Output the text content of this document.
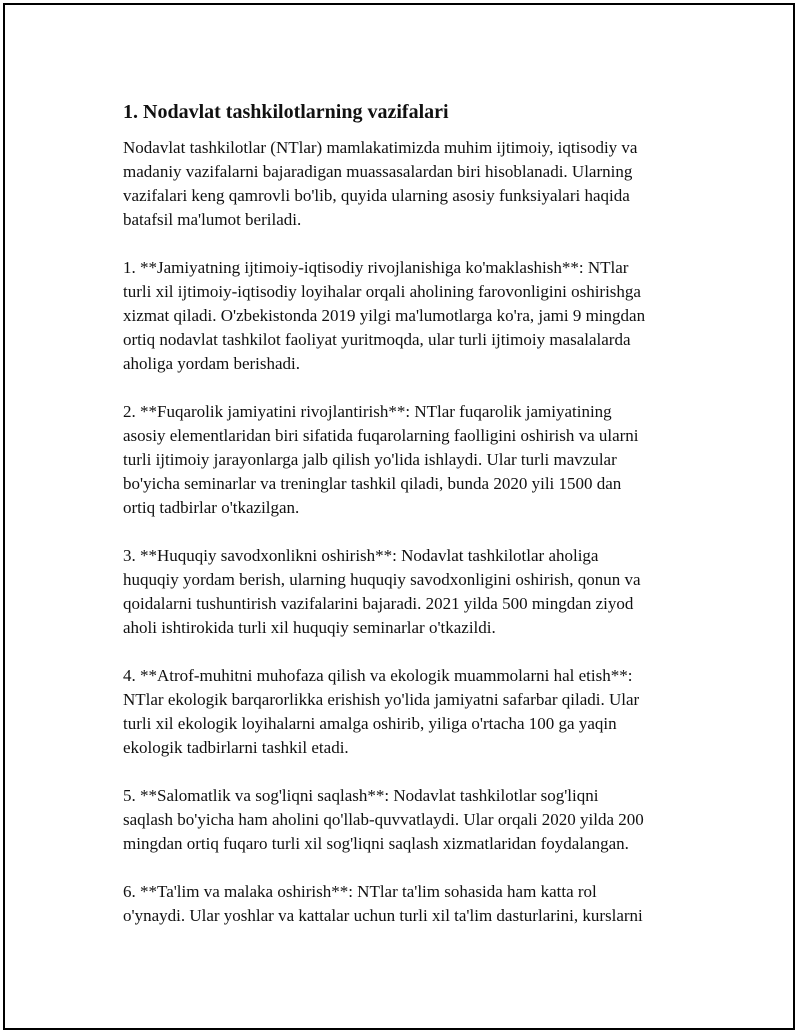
1. Nodavlat tashkilotlarning vazifalari

Nodavlat tashkilotlar (NTlar) mamlakatimizda muhim ijtimoiy, iqtisodiy va
madaniy vazifalarni bajaradigan muassasalardan biri hisoblanadi. Ularning
vazifalari keng qamrovli bo'lib, quyida ularning asosiy funksiyalari haqida
batafsil ma'lumot beriladi.

1. **Jamiyatning ijtimoiy-iqtisodiy rivojlanishiga ko'maklashish**: NTlar
turli xil ijtimoiy-iqtisodiy loyihalar orqali aholining farovonligini oshirishga
xizmat qiladi. O'zbekistonda 2019 yilgi ma'lumotlarga ko'ra, jami 9 mingdan
ortiq nodavlat tashkilot faoliyat yuritmoqda, ular turli ijtimoiy masalalarda
aholiga yordam berishadi.

2. **Fuqarolik jamiyatini rivojlantirish**: NTlar fuqarolik jamiyatining
asosiy elementlaridan biri sifatida fuqarolarning faolligini oshirish va ularni
turli ijtimoiy jarayonlarga jalb qilish yo'lida ishlaydi. Ular turli mavzular
bo'yicha seminarlar va treninglar tashkil qiladi, bunda 2020 yili 1500 dan
ortiq tadbirlar o'tkazilgan.

3. **Huquqiy savodxonlikni oshirish**: Nodavlat tashkilotlar aholiga
huquqiy yordam berish, ularning huquqiy savodxonligini oshirish, qonun va
qoidalarni tushuntirish vazifalarini bajaradi. 2021 yilda 500 mingdan ziyod
aholi ishtirokida turli xil huquqiy seminarlar o'tkazildi.

4. **Atrof-muhitni muhofaza qilish va ekologik muammolarni hal etish**:
NTlar ekologik barqarorlikka erishish yo'lida jamiyatni safarbar qiladi. Ular
turli xil ekologik loyihalarni amalga oshirib, yiliga o'rtacha 100 ga yaqin
ekologik tadbirlarni tashkil etadi.

5. **Salomatlik va sog'liqni saqlash**: Nodavlat tashkilotlar sog'liqni
saqlash bo'yicha ham aholini qo'llab-quvvatlaydi. Ular orqali 2020 yilda 200
mingdan ortiq fuqaro turli xil sog'liqni saqlash xizmatlaridan foydalangan.

6. **Ta'lim va malaka oshirish**: NTlar ta'lim sohasida ham katta rol
o'ynaydi. Ular yoshlar va kattalar uchun turli xil ta'lim dasturlarini, kurslarni
